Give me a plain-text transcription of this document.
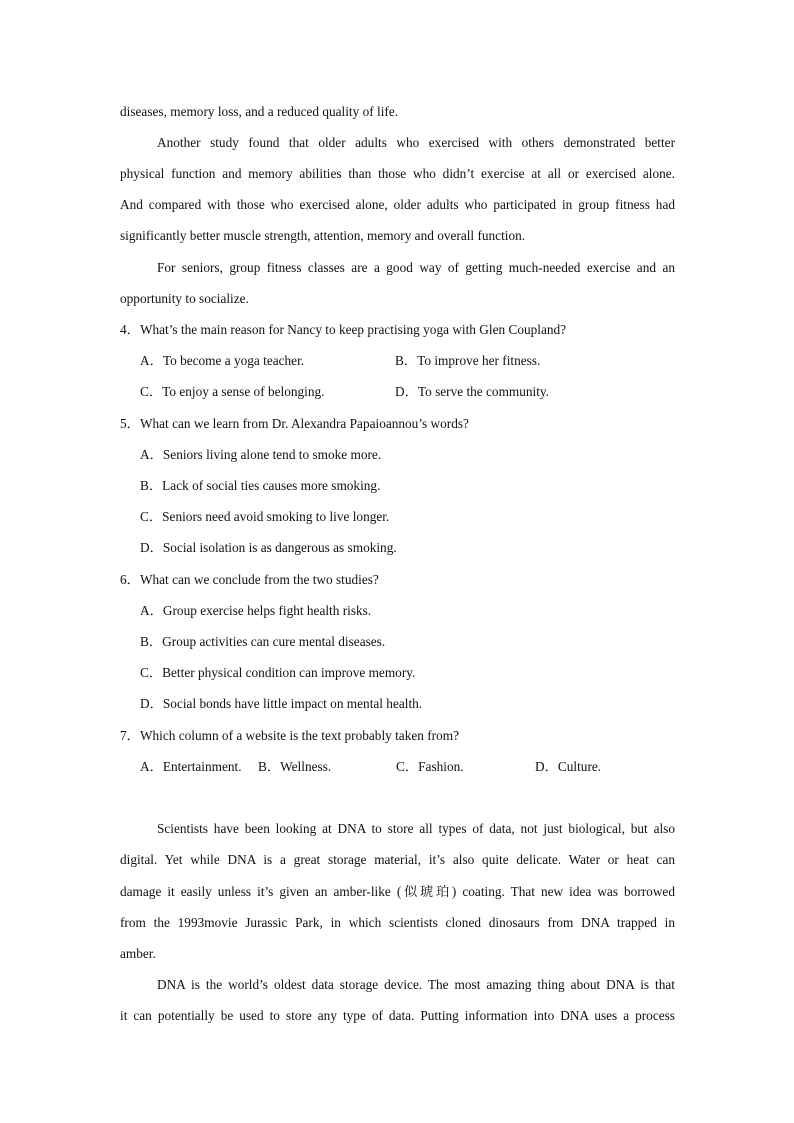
diseases, memory loss, and a reduced quality of life.
Another study found that older adults who exercised with others demonstrated better
physical function and memory abilities than those who didn’t exercise at all or exercised alone.
And compared with those who exercised alone, older adults who participated in group fitness had
significantly better muscle strength, attention, memory and overall function.
For seniors, group fitness classes are a good way of getting much-needed exercise and an
opportunity to socialize.
4．What’s the main reason for Nancy to keep practising yoga with Glen Coupland?
A．To become a yoga teacher.	B．To improve her fitness.
C．To enjoy a sense of belonging.	D．To serve the community.
5．What can we learn from Dr. Alexandra Papaioannou’s words?
A．Seniors living alone tend to smoke more.
B．Lack of social ties causes more smoking.
C．Seniors need avoid smoking to live longer.
D．Social isolation is as dangerous as smoking.
6．What can we conclude from the two studies?
A．Group exercise helps fight health risks.
B．Group activities can cure mental diseases.
C．Better physical condition can improve memory.
D．Social bonds have little impact on mental health.
7．Which column of a website is the text probably taken from?
A．Entertainment. B．Wellness.	C．Fashion.	D．Culture.
Scientists have been looking at DNA to store all types of data, not just biological, but also
digital. Yet while DNA is a great storage material, it’s also quite delicate. Water or heat can
damage it easily unless it’s given an amber-like (似琥珀) coating. That new idea was borrowed
from the 1993movie Jurassic Park, in which scientists cloned dinosaurs from DNA trapped in
amber.
DNA is the world’s oldest data storage device. The most amazing thing about DNA is that
it can potentially be used to store any type of data. Putting information into DNA uses a process
